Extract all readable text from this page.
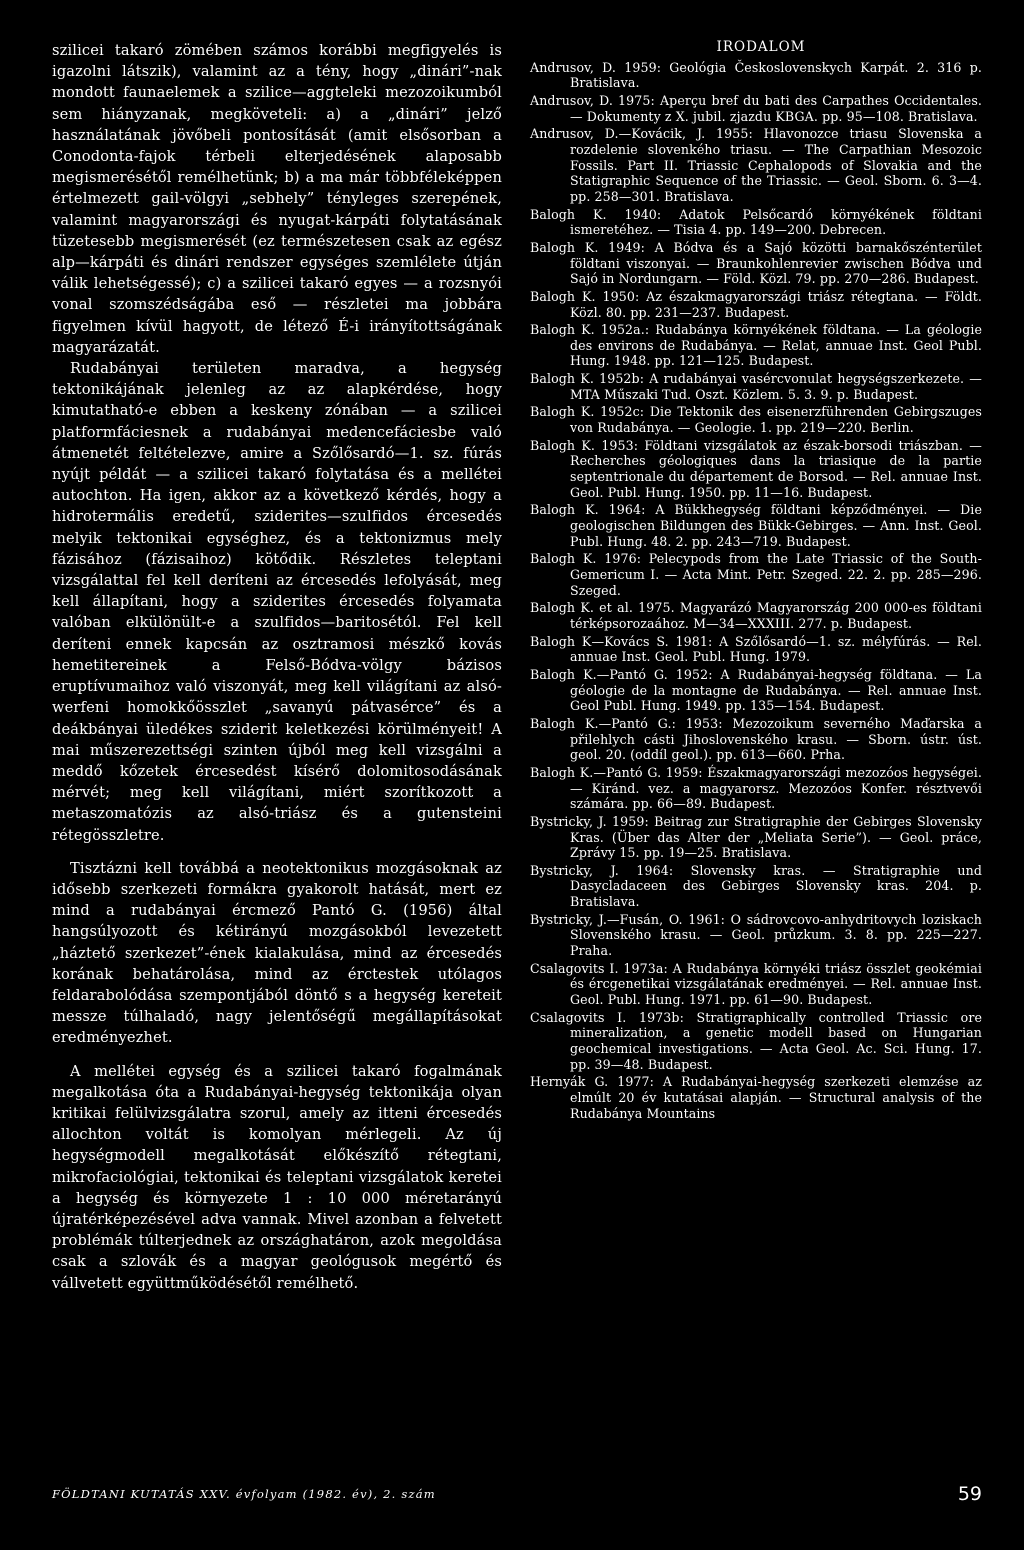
szilicei takaró zömében számos korábbi megfigyelés is igazolni látszik), valamint az a tény, hogy „dinári”-nak mondott faunaelemek a szilice—aggteleki mezozoikumból sem hiányzanak, megköveteli: a) a „dinári” jelző használatának jövőbeli pontosítását (amit elsősorban a Conodonta-fajok térbeli elterjedésének alaposabb megismerésétől remélhetünk; b) a ma már többféleképpen értelmezett gail-völgyi „sebhely” tényleges szerepének, valamint magyarországi és nyugat-kárpáti folytatásának tüzetesebb megismerését (ez természetesen csak az egész alp—kárpáti és dinári rendszer egységes szemlélete útján válik lehetségessé); c) a szilicei takaró egyes — a rozsnyói vonal szomszédságába eső — részletei ma jobbára figyelmen kívül hagyott, de létező É-i irányítottságának magyarázatát.

Rudabányai területen maradva, a hegység tektonikájának jelenleg az az alapkérdése, hogy kimutatható-e ebben a keskeny zónában — a szilicei platformfáciesnek a rudabányai medencefáciesbe való átmenetét feltételezve, amire a Szőlősardó—1. sz. fúrás nyújt példát — a szilicei takaró folytatása és a mellétei autochton. Ha igen, akkor az a következő kérdés, hogy a hidrotermális eredetű, sziderites—szulfidos ércesedés melyik tektonikai egységhez, és a tektonizmus mely fázisához (fázisaihoz) kötődik. Részletes teleptani vizsgálattal fel kell deríteni az ércesedés lefolyását, meg kell állapítani, hogy a sziderites ércesedés folyamata valóban elkülönült-e a szulfidos—baritosétól. Fel kell deríteni ennek kapcsán az osztramosi mészkő kovás hemetitereinek a Felső-Bódva-völgy bázisos eruptívumaihoz való viszonyát, meg kell világítani az alsó-werfeni homokkőösszlet „savanyú pátvasérce” és a deákbányai üledékes sziderit keletkezési körülményeit! A mai műszerezettségi szinten újból meg kell vizsgálni a meddő kőzetek ércesedést kísérő dolomitosodásának mérvét; meg kell világítani, miért szorítkozott a metaszomatózis az alsó-triász és a gutensteini rétegösszletre.

Tisztázni kell továbbá a neotektonikus mozgásoknak az idősebb szerkezeti formákra gyakorolt hatását, mert ez mind a rudabányai ércmező Pantó G. (1956) által hangsúlyozott és kétirányú mozgásokból levezetett „háztető szerkezet”-ének kialakulása, mind az ércesedés korának behatárolása, mind az érctestek utólagos feldarabolódása szempontjából döntő s a hegység kereteit messze túlhaladó, nagy jelentőségű megállapításokat eredményezhet.

A mellétei egység és a szilicei takaró fogalmának megalkotása óta a Rudabányai-hegység tektonikája olyan kritikai felülvizsgálatra szorul, amely az itteni ércesedés allochton voltát is komolyan mérlegeli. Az új hegységmodell megalkotását előkészítő rétegtani, mikrofaciológiai, tektonikai és teleptani vizsgálatok keretei a hegység és környezete 1 : 10 000 méretarányú újratérképezésével adva vannak. Mivel azonban a felvetett problémák túlterjednek az országhatáron, azok megoldása csak a szlovák és a magyar geológusok megértő és vállvetett együttműködésétől remélhető.

IRODALOM
Andrusov, D. 1959: Geológia Československych Karpát. 2. 316 p. Bratislava.
Andrusov, D. 1975: Aperçu bref du bati des Carpathes Occidentales. — Dokumenty z X. jubil. zjazdu KBGA. pp. 95—108. Bratislava.
Andrusov, D.—Kovácik, J. 1955: Hlavonozce triasu Slovenska a rozdelenie slovenkého triasu. — The Carpathian Mesozoic Fossils. Part II. Triassic Cephalopods of Slovakia and the Statigraphic Sequence of the Triassic. — Geol. Sborn. 6. 3—4. pp. 258—301. Bratislava.
Balogh K. 1940: Adatok Pelsőcardó környékének földtani ismeretéhez. — Tisia 4. pp. 149—200. Debrecen.
Balogh K. 1949: A Bódva és a Sajó közötti barnakőszénterület földtani viszonyai. — Braunkohlenrevier zwischen Bódva und Sajó in Nordungarn. — Föld. Közl. 79. pp. 270—286. Budapest.
Balogh K. 1950: Az északmagyarországi triász rétegtana. — Földt. Közl. 80. pp. 231—237. Budapest.
Balogh K. 1952a.: Rudabánya környékének földtana. — La géologie des environs de Rudabánya. — Relat, annuae Inst. Geol Publ. Hung. 1948. pp. 121—125. Budapest.
Balogh K. 1952b: A rudabányai vasércvonulat hegységszerkezete. — MTA Műszaki Tud. Oszt. Közlem. 5. 3. 9. p. Budapest.
Balogh K. 1952c: Die Tektonik des eisenerzführenden Gebirgszuges von Rudabánya. — Geologie. 1. pp. 219—220. Berlin.
Balogh K. 1953: Földtani vizsgálatok az észak-borsodi triászban. — Recherches géologiques dans la triasique de la partie septentrionale du département de Borsod. — Rel. annuae Inst. Geol. Publ. Hung. 1950. pp. 11—16. Budapest.
Balogh K. 1964: A Bükkhegység földtani képződményei. — Die geologischen Bildungen des Bükk-Gebirges. — Ann. Inst. Geol. Publ. Hung. 48. 2. pp. 243—719. Budapest.
Balogh K. 1976: Pelecypods from the Late Triassic of the South-Gemericum I. — Acta Mint. Petr. Szeged. 22. 2. pp. 285—296. Szeged.
Balogh K. et al. 1975. Magyarázó Magyarország 200 000-es földtani térképsorozaához. M—34—XXXIII. 277. p. Budapest.
Balogh K—Kovács S. 1981: A Szőlősardó—1. sz. mélyfúrás. — Rel. annuae Inst. Geol. Publ. Hung. 1979.
Balogh K.—Pantó G. 1952: A Rudabányai-hegység földtana. — La géologie de la montagne de Rudabánya. — Rel. annuae Inst. Geol Publ. Hung. 1949. pp. 135—154. Budapest.
Balogh K.—Pantó G.: 1953: Mezozoikum severného Maďarska a přilehlych cásti Jihoslovenského krasu. — Sborn. ústr. úst. geol. 20. (oddíl geol.). pp. 613—660. Prha.
Balogh K.—Pantó G. 1959: Északmagyarországi mezozóos hegységei. — Kiránd. vez. a magyarorsz. Mezozóos Konfer. résztvevői számára. pp. 66—89. Budapest.
Bystricky, J. 1959: Beitrag zur Stratigraphie der Gebirges Slovensky Kras. (Über das Alter der „Meliata Serie”). — Geol. práce, Zprávy 15. pp. 19—25. Bratislava.
Bystricky, J. 1964: Slovensky kras. — Stratigraphie und Dasycladaceen des Gebirges Slovensky kras. 204. p. Bratislava.
Bystricky, J.—Fusán, O. 1961: O sádrovcovo-anhydritovych loziskach Slovenského krasu. — Geol. průzkum. 3. 8. pp. 225—227. Praha.
Csalagovits I. 1973a: A Rudabánya környéki triász összlet geokémiai és ércgenetikai vizsgálatának eredményei. — Rel. annuae Inst. Geol. Publ. Hung. 1971. pp. 61—90. Budapest.
Csalagovits I. 1973b: Stratigraphically controlled Triassic ore mineralization, a genetic modell based on Hungarian geochemical investigations. — Acta Geol. Ac. Sci. Hung. 17. pp. 39—48. Budapest.
Hernyák G. 1977: A Rudabányai-hegység szerkezeti elemzése az elmúlt 20 év kutatásai alapján. — Structural analysis of the Rudabánya Mountains
FÖLDTANI KUTATÁS XXV. évfolyam (1982. év), 2. szám	59
